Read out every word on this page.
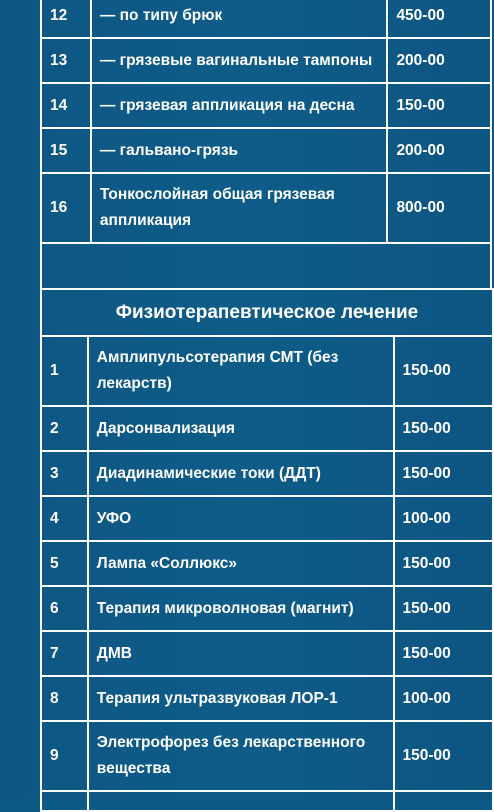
12	— по типу брюк	450-00
13	— грязевые вагинальные тампоны	200-00
14	— грязевая аппликация на десна	150-00
15	— гальвано-грязь	200-00
16	Тонкослойная общая грязевая аппликация	800-00
Физиотерапевтическое лечение
1	Амплипульсотерапия СМТ (без лекарств)	150-00
2	Дарсонвализация	150-00
3	Диадинамические токи (ДДТ)	150-00
4	УФО	100-00
5	Лампа «Соллюкс»	150-00
6	Терапия микроволновая (магнит)	150-00
7	ДМВ	150-00
8	Терапия ультразвуковая ЛОР-1	100-00
9	Электрофорез без лекарственного вещества	150-00
